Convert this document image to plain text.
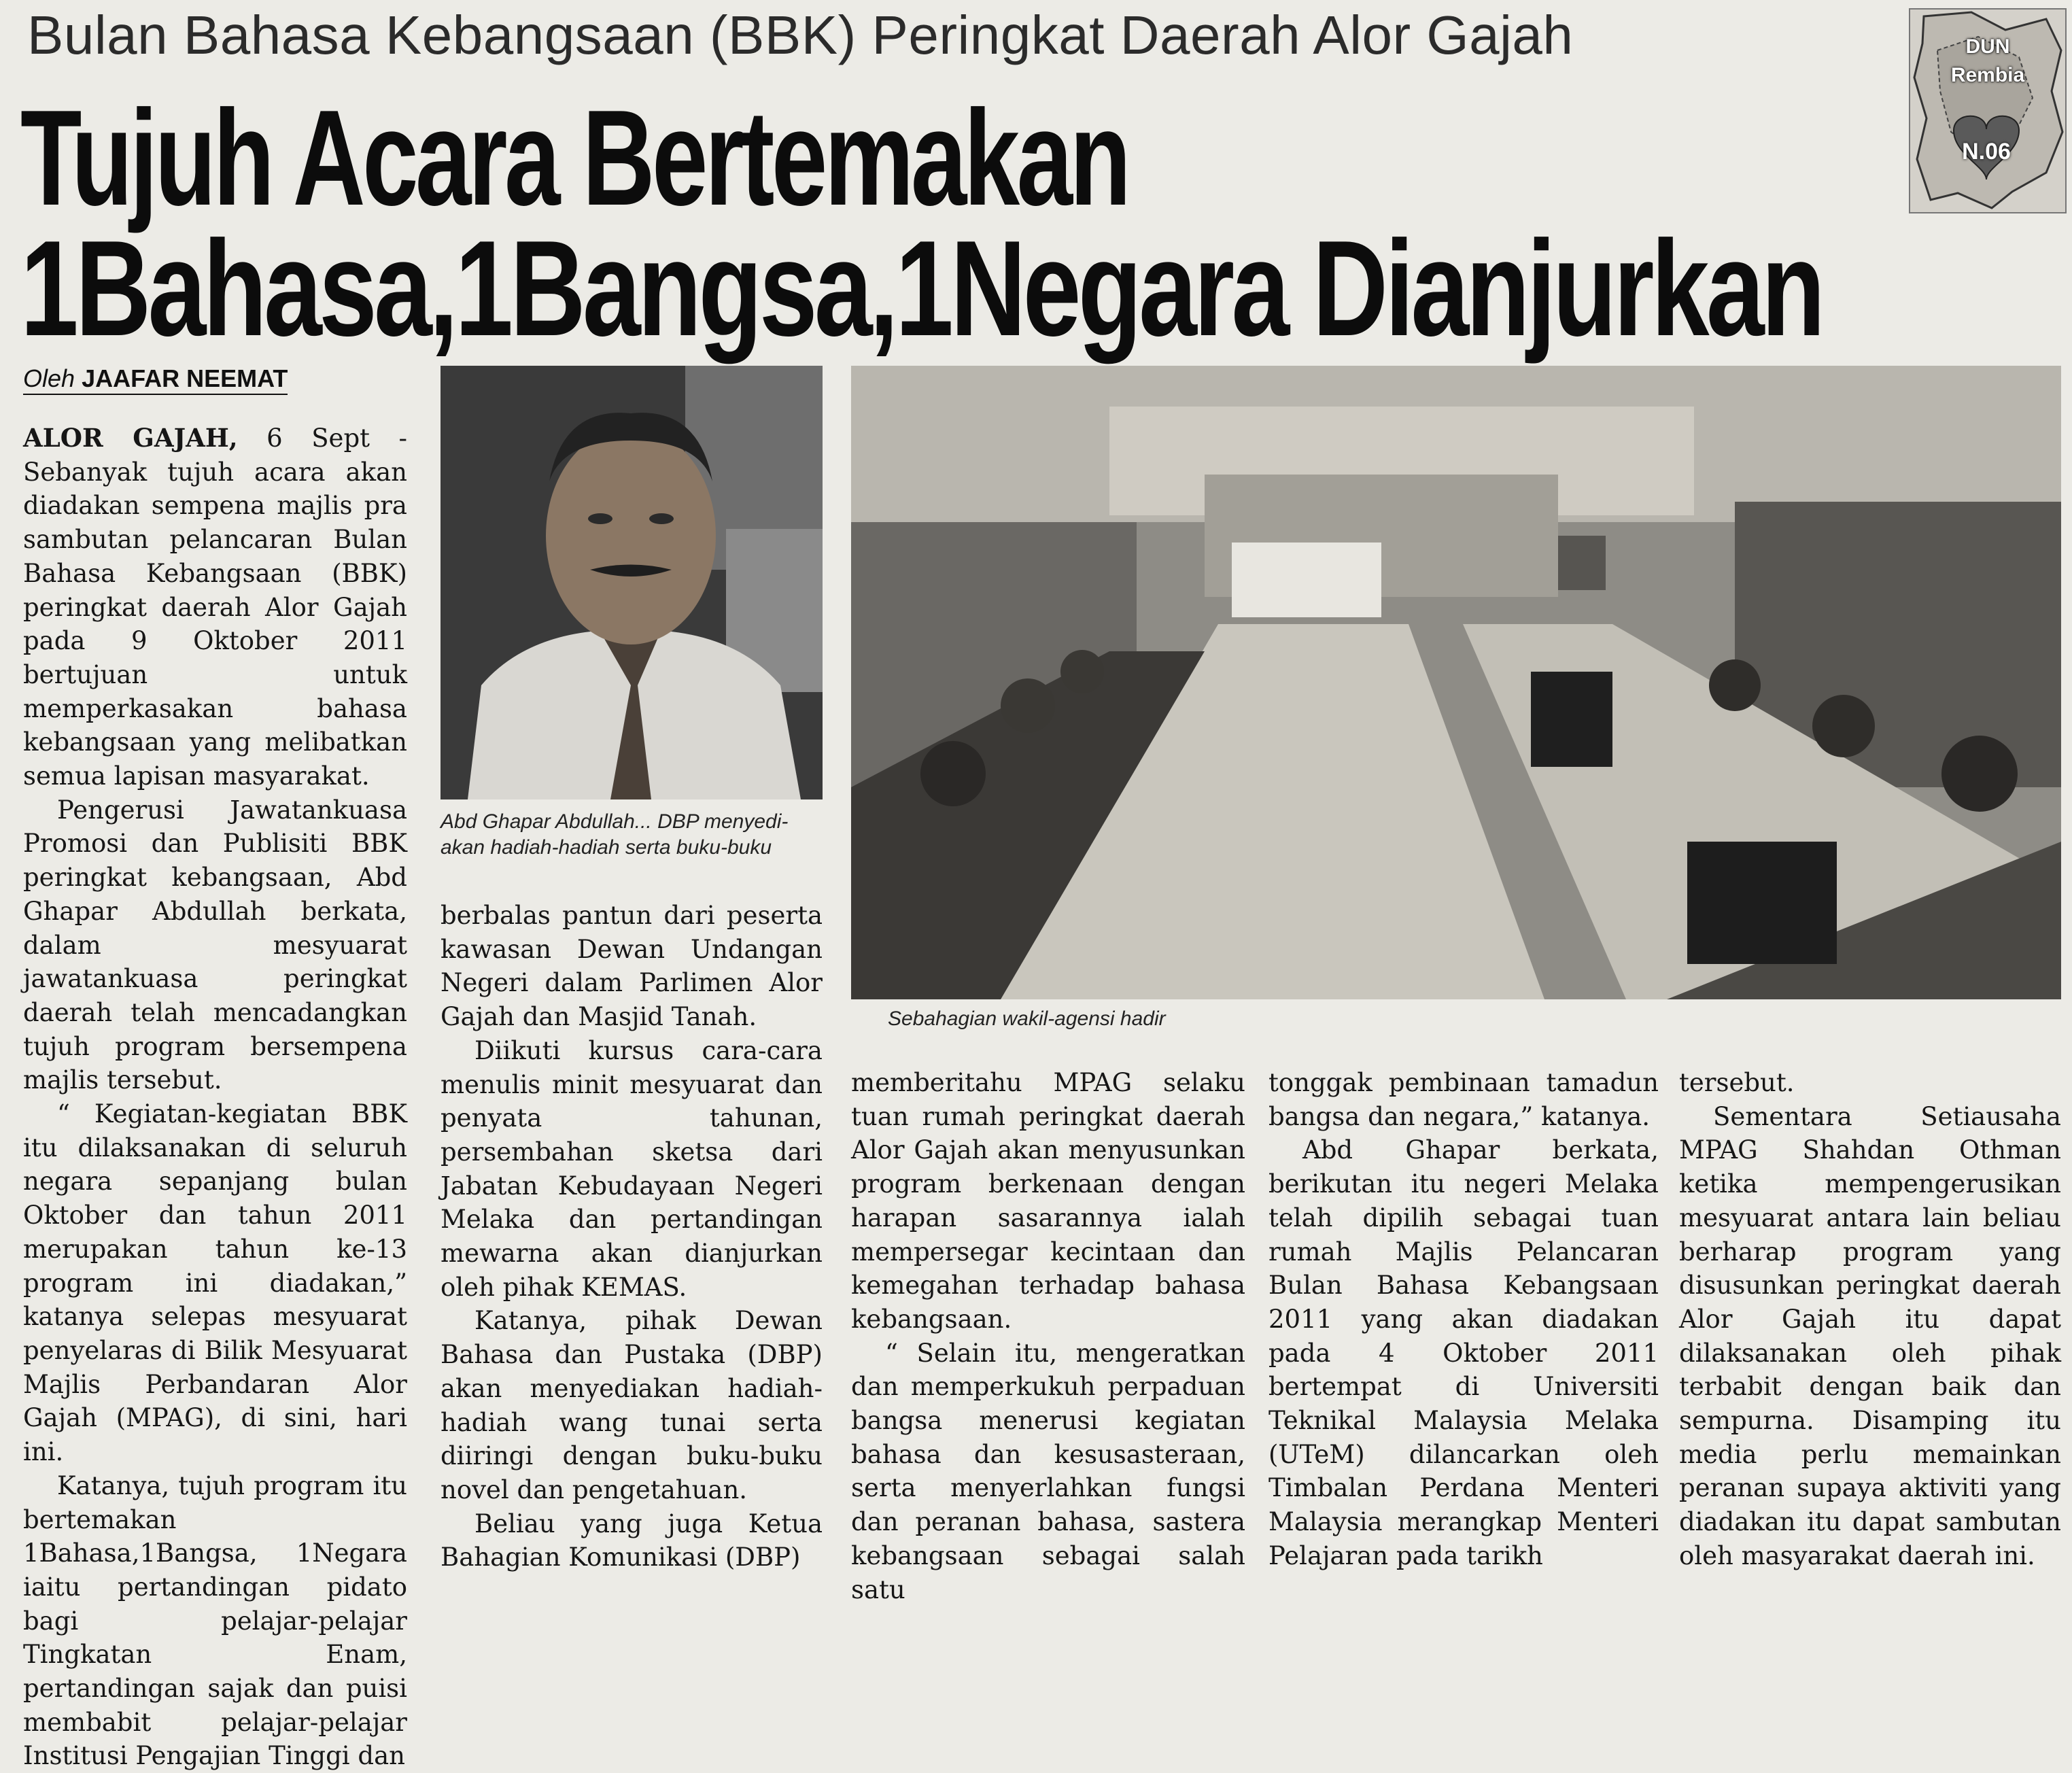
Bulan Bahasa Kebangsaan (BBK) Peringkat Daerah Alor Gajah
Tujuh Acara Bertemakan
1Bahasa,1Bangsa,1Negara Dianjurkan
DUN
Rembia
N.06
Oleh JAAFAR NEEMAT

ALOR GAJAH, 6 Sept - Sebanyak tujuh acara akan diadakan sempena majlis pra sambutan pelancaran Bulan Bahasa Kebangsaan (BBK) peringkat daerah Alor Gajah pada 9 Oktober 2011 bertujuan untuk memperkasakan bahasa kebangsaan yang melibatkan semua lapisan masyarakat.

Pengerusi Jawatankuasa Promosi dan Publisiti BBK peringkat kebangsaan, Abd Ghapar Abdullah berkata, dalam mesyuarat jawatankuasa peringkat daerah telah mencadangkan tujuh program bersempena majlis tersebut.

“ Kegiatan-kegiatan BBK itu dilaksanakan di seluruh negara sepanjang bulan Oktober dan tahun 2011 merupakan tahun ke-13 program ini diadakan,” katanya selepas mesyuarat penyelaras di Bilik Mesyuarat Majlis Perbandaran Alor Gajah (MPAG), di sini, hari ini.

Katanya, tujuh program itu bertemakan 1Bahasa,1Bangsa, 1Negara iaitu pertandingan pidato bagi pelajar-pelajar Tingkatan Enam, pertandingan sajak dan puisi membabit pelajar-pelajar Institusi Pengajian Tinggi dan

Abd Ghapar Abdullah... DBP menyedi-akan hadiah-hadiah serta buku-buku
Sebahagian wakil-agensi hadir

berbalas pantun dari peserta kawasan Dewan Undangan Negeri dalam Parlimen Alor Gajah dan Masjid Tanah.

Diikuti kursus cara-cara menulis minit mesyuarat dan penyata tahunan, persembahan sketsa dari Jabatan Kebudayaan Negeri Melaka dan pertandingan mewarna akan dianjurkan oleh pihak KEMAS.

Katanya, pihak Dewan Bahasa dan Pustaka (DBP) akan menyediakan hadiah-hadiah wang tunai serta diiringi dengan buku-buku novel dan pengetahuan.

Beliau yang juga Ketua Bahagian Komunikasi (DBP)

memberitahu MPAG selaku tuan rumah peringkat daerah Alor Gajah akan menyusunkan program berkenaan dengan harapan sasarannya ialah mempersegar kecintaan dan kemegahan terhadap bahasa kebangsaan.

“ Selain itu, mengeratkan dan memperkukuh perpaduan bangsa menerusi kegiatan bahasa dan kesusasteraan, serta menyerlahkan fungsi dan peranan bahasa, sastera kebangsaan sebagai salah satu

tonggak pembinaan tamadun bangsa dan negara,” katanya.

Abd Ghapar berkata, berikutan itu negeri Melaka telah dipilih sebagai tuan rumah Majlis Pelancaran Bulan Bahasa Kebangsaan 2011 yang akan diadakan pada 4 Oktober 2011 bertempat di Universiti Teknikal Malaysia Melaka (UTeM) dilancarkan oleh Timbalan Perdana Menteri Malaysia merangkap Menteri Pelajaran pada tarikh

tersebut.

Sementara Setiausaha MPAG Shahdan Othman ketika mempengerusikan mesyuarat antara lain beliau berharap program yang disusunkan peringkat daerah Alor Gajah itu dapat dilaksanakan oleh pihak terbabit dengan baik dan sempurna. Disamping itu media perlu memainkan peranan supaya aktiviti yang diadakan itu dapat sambutan oleh masyarakat daerah ini.
